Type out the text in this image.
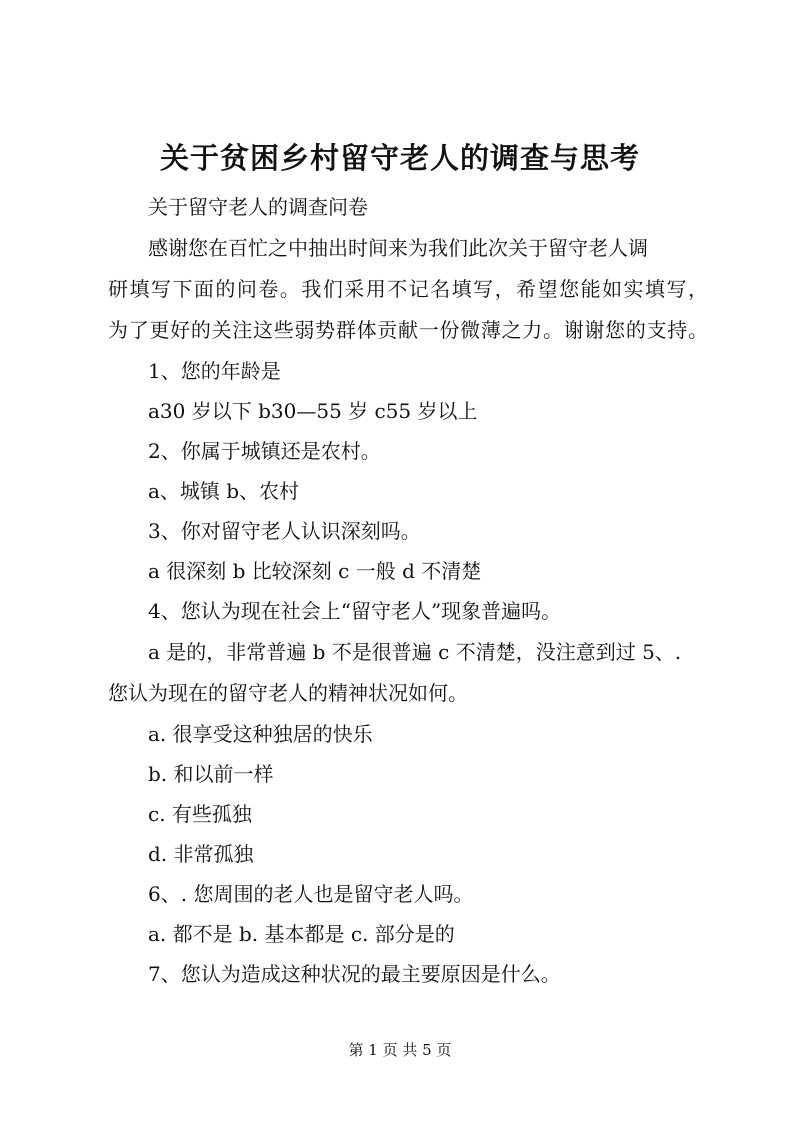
关于贫困乡村留守老人的调查与思考
关于留守老人的调查问卷
感谢您在百忙之中抽出时间来为我们此次关于留守老人调
研填写下面的问卷。我们采用不记名填写，希望您能如实填写，
为了更好的关注这些弱势群体贡献一份微薄之力。谢谢您的支持。
1、您的年龄是
a30 岁以下 b30—55 岁 c55 岁以上
2、你属于城镇还是农村。
a、城镇 b、农村
3、你对留守老人认识深刻吗。
a 很深刻 b 比较深刻 c 一般 d 不清楚
4、您认为现在社会上“留守老人”现象普遍吗。
a 是的，非常普遍 b 不是很普遍 c 不清楚，没注意到过 5、.
您认为现在的留守老人的精神状况如何。
a. 很享受这种独居的快乐
b. 和以前一样
c. 有些孤独
d. 非常孤独
6、. 您周围的老人也是留守老人吗。
a. 都不是 b. 基本都是 c. 部分是的
7、您认为造成这种状况的最主要原因是什么。
第 1 页 共 5 页
